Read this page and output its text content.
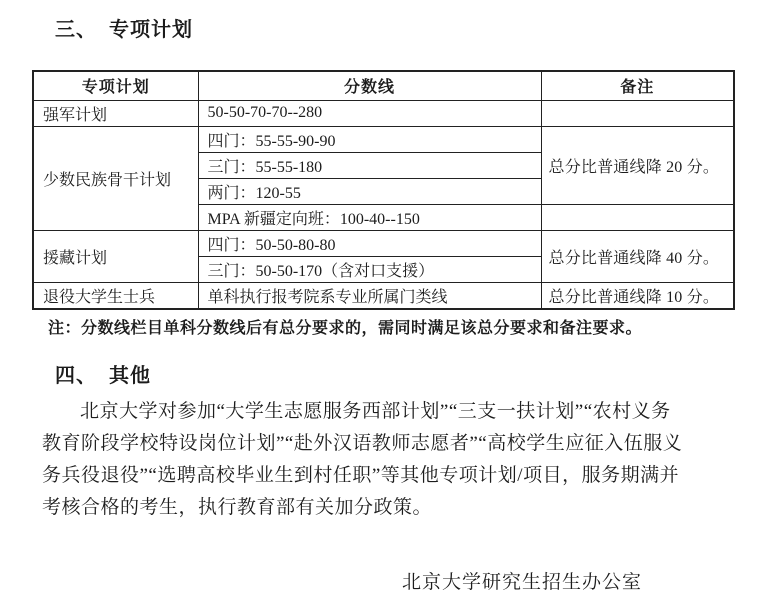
三、 专项计划
专项计划	分数线	备注
强军计划	50-50-70-70--280	
少数民族骨干计划	四门：55-55-90-90	总分比普通线降 20 分。
	三门：55-55-180	
	两门：120-55	
	MPA 新疆定向班：100-40--150	
援藏计划	四门：50-50-80-80	总分比普通线降 40 分。
	三门：50-50-170（含对口支援）	
退役大学生士兵	单科执行报考院系专业所属门类线	总分比普通线降 10 分。
注：分数线栏目单科分数线后有总分要求的，需同时满足该总分要求和备注要求。
四、 其他
北京大学对参加“大学生志愿服务西部计划”“三支一扶计划”“农村义务
教育阶段学校特设岗位计划”“赴外汉语教师志愿者”“高校学生应征入伍服义
务兵役退役”“选聘高校毕业生到村任职”等其他专项计划/项目，服务期满并
考核合格的考生，执行教育部有关加分政策。
北京大学研究生招生办公室
